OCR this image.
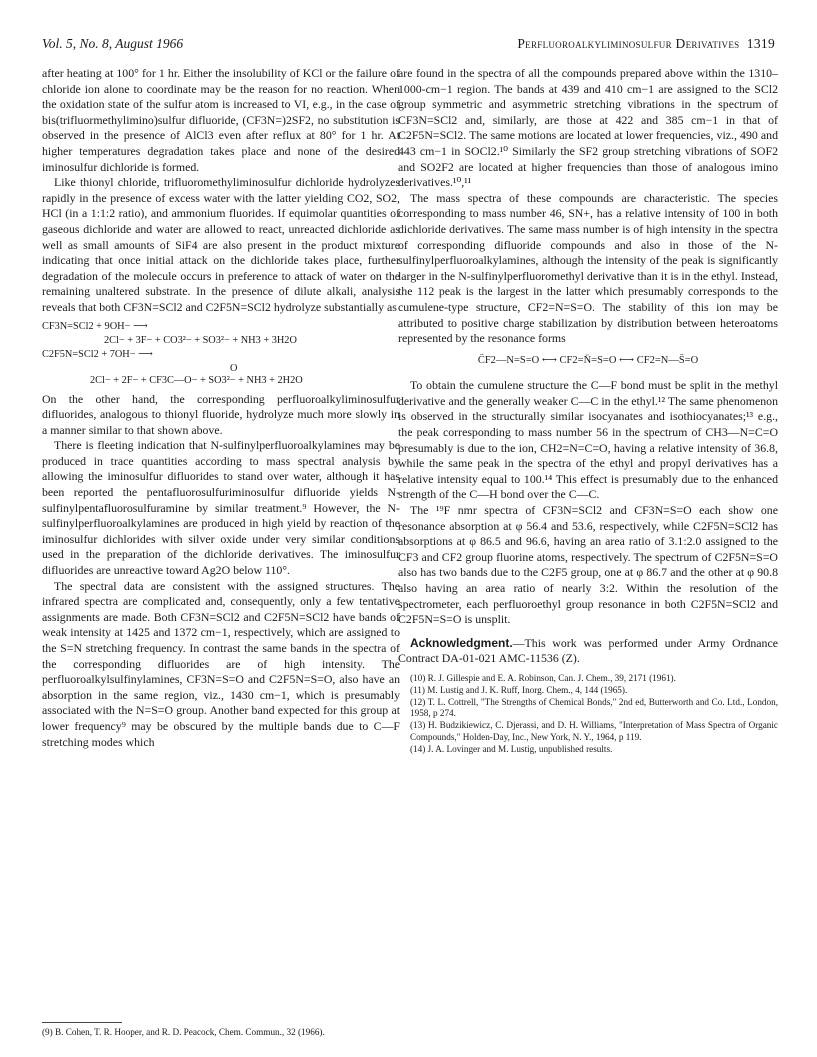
Vol. 5, No. 8, August 1966	Perfluoroalkyliminosulfur Derivatives 1319

after heating at 100° for 1 hr. Either the insolubility of KCl or the failure of chloride ion alone to coordinate may be the reason for no reaction. When the oxidation state of the sulfur atom is increased to VI, e.g., in the case of bis(trifluormethylimino)sulfur difluoride, (CF3N=)2SF2, no substitution is observed in the presence of AlCl3 even after reflux at 80° for 1 hr. At higher temperatures degradation takes place and none of the desired iminosulfur dichloride is formed.

Like thionyl chloride, trifluoromethyliminosulfur dichloride hydrolyzes rapidly in the presence of excess water with the latter yielding CO2, SO2, HCl (in a 1:1:2 ratio), and ammonium fluorides. If equimolar quantities of gaseous dichloride and water are allowed to react, unreacted dichloride as well as small amounts of SiF4 are also present in the product mixture indicating that once initial attack on the dichloride takes place, further degradation of the molecule occurs in preference to attack of water on the remaining unaltered substrate. In the presence of dilute alkali, analysis reveals that both CF3N=SCl2 and C2F5N=SCl2 hydrolyze substantially as

CF3N=SCl2 + 9OH− ⟶
2Cl− + 3F− + CO3²− + SO3²− + NH3 + 3H2O
C2F5N=SCl2 + 7OH− ⟶
O
2Cl− + 2F− + CF3C—O− + SO3²− + NH3 + 2H2O

On the other hand, the corresponding perfluoroalkyliminosulfur difluorides, analogous to thionyl fluoride, hydrolyze much more slowly in a manner similar to that shown above.

There is fleeting indication that N-sulfinylperfluoroalkylamines may be produced in trace quantities according to mass spectral analysis by allowing the iminosulfur difluorides to stand over water, although it has been reported the pentafluorosulfuriminosulfur difluoride yields N-sulfinylpentafluorosulfuramine by similar treatment.⁹ However, the N-sulfinylperfluoroalkylamines are produced in high yield by reaction of the iminosulfur dichlorides with silver oxide under very similar conditions used in the preparation of the dichloride derivatives. The iminosulfur difluorides are unreactive toward Ag2O below 110°.

The spectral data are consistent with the assigned structures. The infrared spectra are complicated and, consequently, only a few tentative assignments are made. Both CF3N=SCl2 and C2F5N=SCl2 have bands of weak intensity at 1425 and 1372 cm−1, respectively, which are assigned to the S=N stretching frequency. In contrast the same bands in the spectra of the corresponding difluorides are of high intensity. The perfluoroalkylsulfinylamines, CF3N=S=O and C2F5N=S=O, also have an absorption in the same region, viz., 1430 cm−1, which is presumably associated with the N=S=O group. Another band expected for this group at lower frequency⁹ may be obscured by the multiple bands due to C—F stretching modes which

(9) B. Cohen, T. R. Hooper, and R. D. Peacock, Chem. Commun., 32 (1966).

are found in the spectra of all the compounds prepared above within the 1310–1000-cm−1 region. The bands at 439 and 410 cm−1 are assigned to the SCl2 group symmetric and asymmetric stretching vibrations in the spectrum of CF3N=SCl2 and, similarly, are those at 422 and 385 cm−1 in that of C2F5N=SCl2. The same motions are located at lower frequencies, viz., 490 and 443 cm−1 in SOCl2.¹⁰ Similarly the SF2 group stretching vibrations of SOF2 and SO2F2 are located at higher frequencies than those of analogous imino derivatives.¹⁰,¹¹

The mass spectra of these compounds are characteristic. The species corresponding to mass number 46, SN+, has a relative intensity of 100 in both dichloride derivatives. The same mass number is of high intensity in the spectra of corresponding difluoride compounds and also in those of the N-sulfinylperfluoroalkylamines, although the intensity of the peak is significantly larger in the N-sulfinylperfluoromethyl derivative than it is in the ethyl. Instead, the 112 peak is the largest in the latter which presumably corresponds to the cumulene-type structure, CF2=N=S=O. The stability of this ion may be attributed to positive charge stabilization by distribution between heteroatoms represented by the resonance forms

C̈F2—N=S=O ⟷ CF2=N̈=S=O ⟷ CF2=N—S̈=O

To obtain the cumulene structure the C—F bond must be split in the methyl derivative and the generally weaker C—C in the ethyl.¹² The same phenomenon is observed in the structurally similar isocyanates and isothiocyanates;¹³ e.g., the peak corresponding to mass number 56 in the spectrum of CH3—N=C=O presumably is due to the ion, CH2=N=C=O, having a relative intensity of 36.8, while the same peak in the spectra of the ethyl and propyl derivatives has a relative intensity equal to 100.¹⁴ This effect is presumably due to the enhanced strength of the C—H bond over the C—C.

The ¹⁹F nmr spectra of CF3N=SCl2 and CF3N=S=O each show one resonance absorption at φ 56.4 and 53.6, respectively, while C2F5N=SCl2 has absorptions at φ 86.5 and 96.6, having an area ratio of 3.1:2.0 assigned to the CF3 and CF2 group fluorine atoms, respectively. The spectrum of C2F5N=S=O also has two bands due to the C2F5 group, one at φ 86.7 and the other at φ 90.8 also having an area ratio of nearly 3:2. Within the resolution of the spectrometer, each perfluoroethyl group resonance in both C2F5N=SCl2 and C2F5N=S=O is unsplit.

Acknowledgment.—This work was performed under Army Ordnance Contract DA-01-021 AMC-11536 (Z).

(10) R. J. Gillespie and E. A. Robinson, Can. J. Chem., 39, 2171 (1961).
(11) M. Lustig and J. K. Ruff, Inorg. Chem., 4, 144 (1965).
(12) T. L. Cottrell, "The Strengths of Chemical Bonds," 2nd ed, Butterworth and Co. Ltd., London, 1958, p 274.
(13) H. Budzikiewicz, C. Djerassi, and D. H. Williams, "Interpretation of Mass Spectra of Organic Compounds," Holden-Day, Inc., New York, N. Y., 1964, p 119.
(14) J. A. Lovinger and M. Lustig, unpublished results.
